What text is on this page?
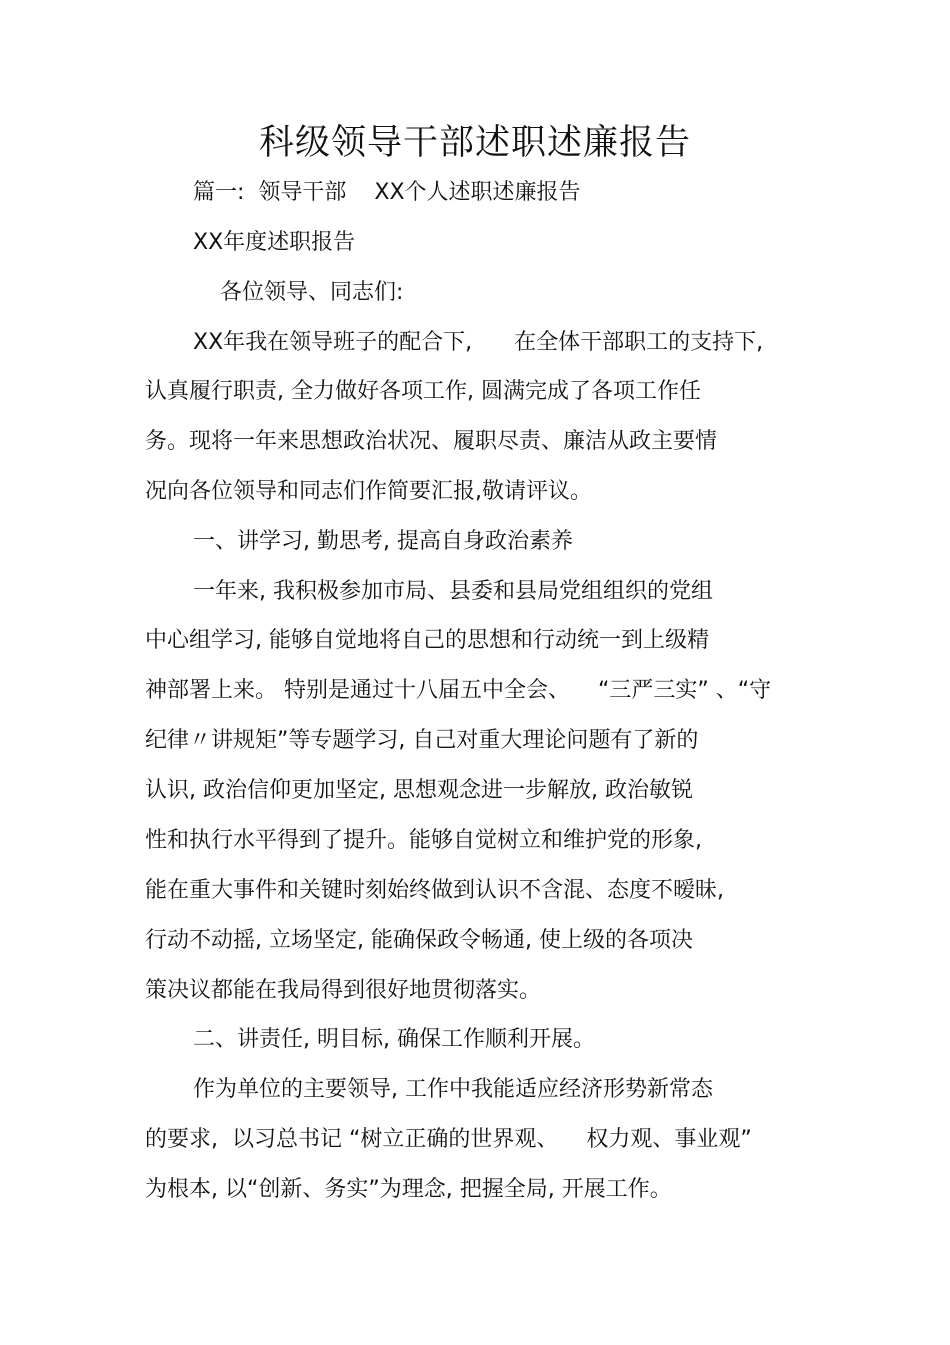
科级领导干部述职述廉报告
篇一:  领导干部    XX个人述职述廉报告
XX年度述职报告
各位领导、同志们:
XX年我在领导班子的配合下,      在全体干部职工的支持下,
认真履行职责, 全力做好各项工作, 圆满完成了各项工作任
务。现将一年来思想政治状况、履职尽责、廉洁从政主要情
况向各位领导和同志们作简要汇报,敬请评议。
一、讲学习, 勤思考, 提高自身政治素养
一年来, 我积极参加市局、县委和县局党组组织的党组
中心组学习, 能够自觉地将自己的思想和行动统一到上级精
神部署上来。 特别是通过十八届五中全会、    “三严三实” 、“守
纪律〃讲规矩”等专题学习, 自己对重大理论问题有了新的
认识, 政治信仰更加坚定, 思想观念进一步解放, 政治敏锐
性和执行水平得到了提升。能够自觉树立和维护党的形象,
能在重大事件和关键时刻始终做到认识不含混、态度不暧昧,
行动不动摇, 立场坚定, 能确保政令畅通, 使上级的各项决
策决议都能在我局得到很好地贯彻落实。
二、讲责任, 明目标, 确保工作顺利开展。
作为单位的主要领导, 工作中我能适应经济形势新常态
的要求,  以习总书记 “树立正确的世界观、    权力观、事业观”
为根本, 以“创新、务实”为理念, 把握全局, 开展工作。
